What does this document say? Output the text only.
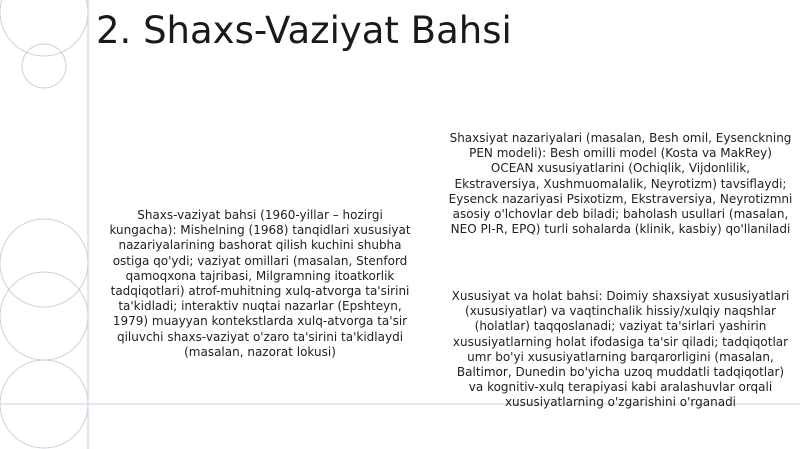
2. Shaxs-Vaziyat Bahsi

Shaxs-vaziyat bahsi (1960-yillar – hozirgi kungacha): Mishelning (1968) tanqidlari xususiyat nazariyalarining bashorat qilish kuchini shubha ostiga qo'ydi; vaziyat omillari (masalan, Stenford qamoqxona tajribasi, Milgramning itoatkorlik tadqiqotlari) atrof-muhitning xulq-atvorga ta'sirini ta'kidladi; interaktiv nuqtai nazarlar (Epshteyn, 1979) muayyan kontekstlarda xulq-atvorga ta'sir qiluvchi shaxs-vaziyat o'zaro ta'sirini ta'kidlaydi (masalan, nazorat lokusi)

Shaxsiyat nazariyalari (masalan, Besh omil, Eysenckning PEN modeli): Besh omilli model (Kosta va MakRey) OCEAN xususiyatlarini (Ochiqlik, Vijdonlilik, Ekstraversiya, Xushmuomalalik, Neyrotizm) tavsiflaydi; Eysenck nazariyasi Psixotizm, Ekstraversiya, Neyrotizmni asosiy o'lchovlar deb biladi; baholash usullari (masalan, NEO PI-R, EPQ) turli sohalarda (klinik, kasbiy) qo'llaniladi

Xususiyat va holat bahsi: Doimiy shaxsiyat xususiyatlari (xususiyatlar) va vaqtinchalik hissiy/xulqiy naqshlar (holatlar) taqqoslanadi; vaziyat ta'sirlari yashirin xususiyatlarning holat ifodasiga ta'sir qiladi; tadqiqotlar umr bo'yi xususiyatlarning barqarorligini (masalan, Baltimor, Dunedin bo'yicha uzoq muddatli tadqiqotlar) va kognitiv-xulq terapiyasi kabi aralashuvlar orqali xususiyatlarning o'zgarishini o'rganadi
